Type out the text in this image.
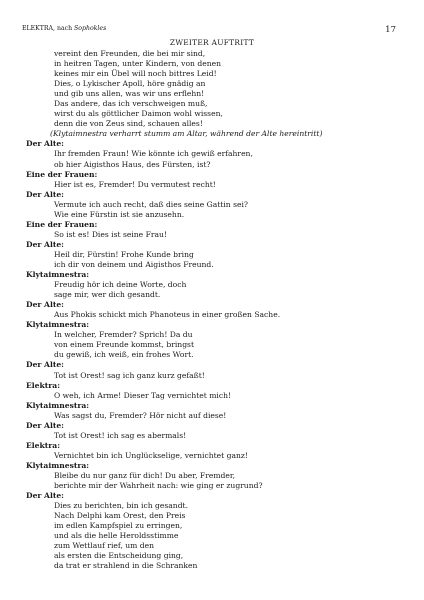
ELEKTRA, nach Sophokles
ZWEITER AUFTRITT
17
vereint den Freunden, die bei mir sind,
in heitren Tagen, unter Kindern, von denen
keines mir ein Übel will noch bittres Leid!
Dies, o Lykischer Apoll, höre gnädig an
und gib uns allen, was wir uns erflehn!
Das andere, das ich verschweigen muß,
wirst du als göttlicher Daimon wohl wissen,
denn die von Zeus sind, schauen alles!
(Klytaimnestra verharrt stumm am Altar, während der Alte hereintritt)
Der Alte:
Ihr fremden Fraun! Wie könnte ich gewiß erfahren,
ob hier Aigisthos Haus, des Fürsten, ist?
Eine der Frauen:
Hier ist es, Fremder! Du vermutest recht!
Der Alte:
Vermute ich auch recht, daß dies seine Gattin sei?
Wie eine Fürstin ist sie anzusehn.
Eine der Frauen:
So ist es! Dies ist seine Frau!
Der Alte:
Heil dir, Fürstin! Frohe Kunde bring
ich dir von deinem und Aigisthos Freund.
Klytaimnestra:
Freudig hör ich deine Worte, doch
sage mir, wer dich gesandt.
Der Alte:
Aus Phokis schickt mich Phanoteus in einer großen Sache.
Klytaimnestra:
In welcher, Fremder? Sprich! Da du
von einem Freunde kommst, bringst
du gewiß, ich weiß, ein frohes Wort.
Der Alte:
Tot ist Orest! sag ich ganz kurz gefaßt!
Elektra:
O weh, ich Arme! Dieser Tag vernichtet mich!
Klytaimnestra:
Was sagst du, Fremder? Hör nicht auf diese!
Der Alte:
Tot ist Orest! ich sag es abermals!
Elektra:
Vernichtet bin ich Unglückselige, vernichtet ganz!
Klytaimnestra:
Bleibe du nur ganz für dich! Du aber, Fremder,
berichte mir der Wahrheit nach: wie ging er zugrund?
Der Alte:
Dies zu berichten, bin ich gesandt.
Nach Delphi kam Orest, den Preis
im edlen Kampfspiel zu erringen,
und als die helle Heroldsstimme
zum Wettlauf rief, um den
als ersten die Entscheidung ging,
da trat er strahlend in die Schranken
